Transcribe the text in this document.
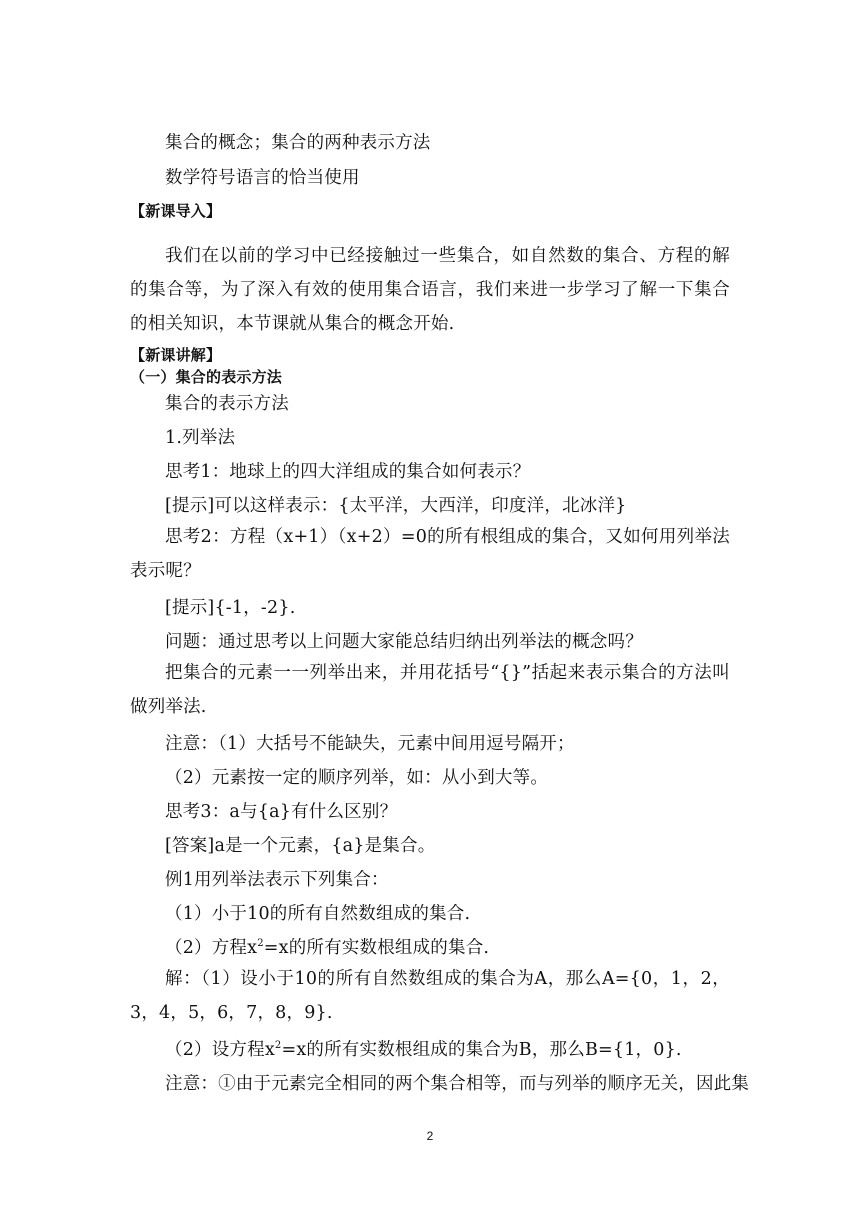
集合的概念；集合的两种表示方法
数学符号语言的恰当使用
【新课导入】
我们在以前的学习中已经接触过一些集合，如自然数的集合、方程的解的集合等，为了深入有效的使用集合语言，我们来进一步学习了解一下集合的相关知识，本节课就从集合的概念开始.
【新课讲解】
（一）集合的表示方法
集合的表示方法
1.列举法
思考1：地球上的四大洋组成的集合如何表示？
[提示]可以这样表示：{太平洋，大西洋，印度洋，北冰洋}
思考2：方程（x+1）（x+2）=0的所有根组成的集合，又如何用列举法表示呢？
[提示]{-1，-2}.
问题：通过思考以上问题大家能总结归纳出列举法的概念吗？
把集合的元素一一列举出来，并用花括号“{}”括起来表示集合的方法叫做列举法.
注意：（1）大括号不能缺失，元素中间用逗号隔开；
（2）元素按一定的顺序列举，如：从小到大等。
思考3：a与{a}有什么区别？
[答案]a是一个元素，{a}是集合。
例1用列举法表示下列集合：
（1）小于10的所有自然数组成的集合.
（2）方程$x^2=x$的所有实数根组成的集合.
解：（1）设小于10的所有自然数组成的集合为A，那么A={0，1，2，3，4，5，6，7，8，9}.
（2）设方程$x^2=x$的所有实数根组成的集合为B，那么B={1，0}.
注意：①由于元素完全相同的两个集合相等，而与列举的顺序无关，因此集
2
